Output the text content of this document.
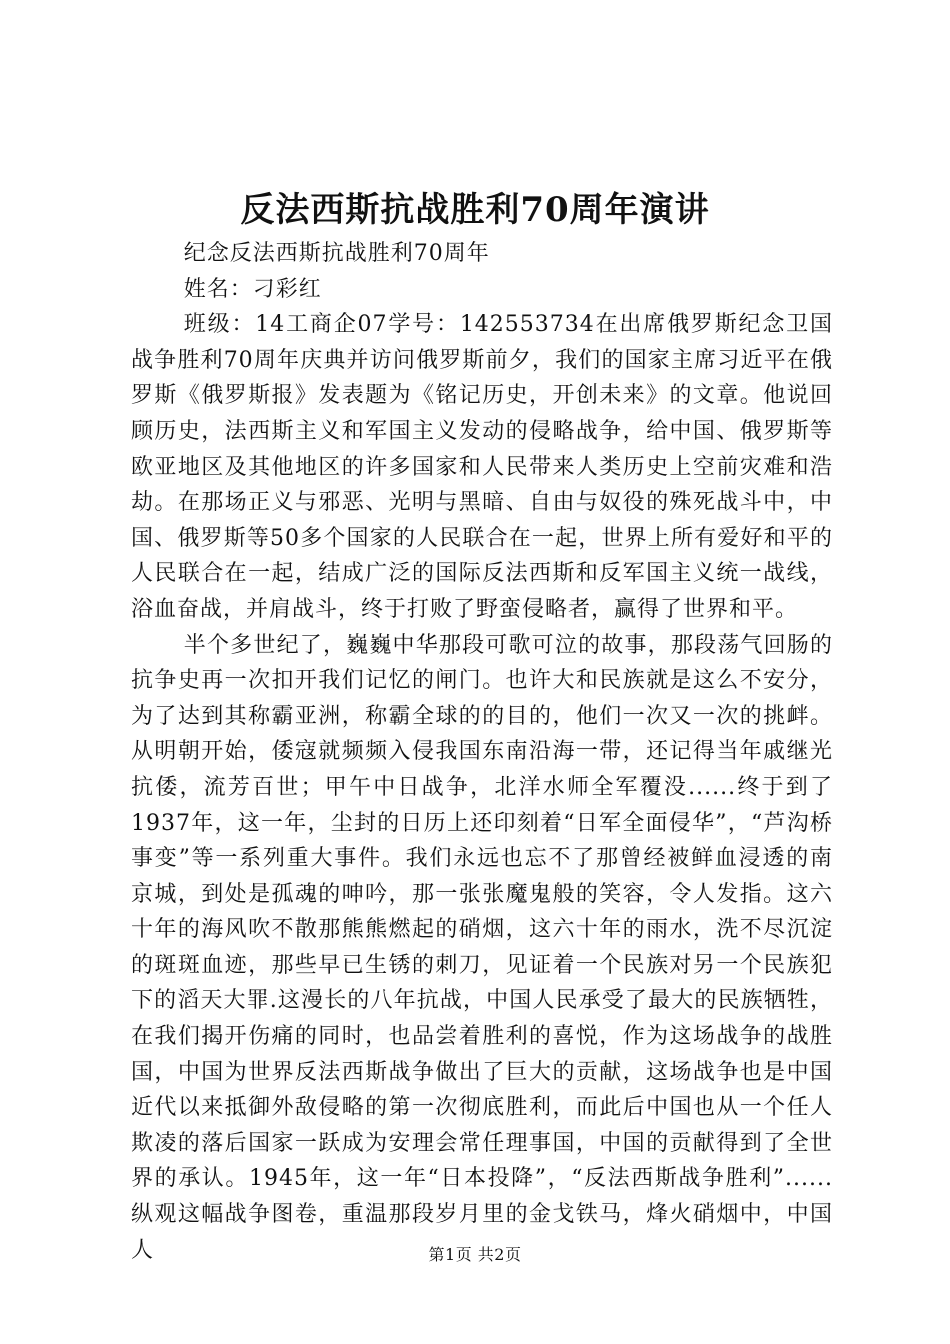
反法西斯抗战胜利70周年演讲

纪念反法西斯抗战胜利70周年

姓名：刁彩红

班级：14工商企07学号：142553734在出席俄罗斯纪念卫国战争胜利70周年庆典并访问俄罗斯前夕，我们的国家主席习近平在俄罗斯《俄罗斯报》发表题为《铭记历史，开创未来》的文章。他说回顾历史，法西斯主义和军国主义发动的侵略战争，给中国、俄罗斯等欧亚地区及其他地区的许多国家和人民带来人类历史上空前灾难和浩劫。在那场正义与邪恶、光明与黑暗、自由与奴役的殊死战斗中，中国、俄罗斯等50多个国家的人民联合在一起，世界上所有爱好和平的人民联合在一起，结成广泛的国际反法西斯和反军国主义统一战线，浴血奋战，并肩战斗，终于打败了野蛮侵略者，赢得了世界和平。

半个多世纪了，巍巍中华那段可歌可泣的故事，那段荡气回肠的抗争史再一次扣开我们记忆的闸门。也许大和民族就是这么不安分，为了达到其称霸亚洲，称霸全球的的目的，他们一次又一次的挑衅。从明朝开始，倭寇就频频入侵我国东南沿海一带，还记得当年戚继光抗倭，流芳百世；甲午中日战争，北洋水师全军覆没......终于到了1937年，这一年，尘封的日历上还印刻着“日军全面侵华”，“芦沟桥事变”等一系列重大事件。我们永远也忘不了那曾经被鲜血浸透的南京城，到处是孤魂的呻吟，那一张张魔鬼般的笑容，令人发指。这六十年的海风吹不散那熊熊燃起的硝烟，这六十年的雨水，洗不尽沉淀的斑斑血迹，那些早已生锈的刺刀，见证着一个民族对另一个民族犯下的滔天大罪.这漫长的八年抗战，中国人民承受了最大的民族牺牲，在我们揭开伤痛的同时，也品尝着胜利的喜悦，作为这场战争的战胜国，中国为世界反法西斯战争做出了巨大的贡献，这场战争也是中国近代以来抵御外敌侵略的第一次彻底胜利，而此后中国也从一个任人欺凌的落后国家一跃成为安理会常任理事国，中国的贡献得到了全世界的承认。1945年，这一年“日本投降”，“反法西斯战争胜利”......纵观这幅战争图卷，重温那段岁月里的金戈铁马，烽火硝烟中，中国人	第1页 共2页
